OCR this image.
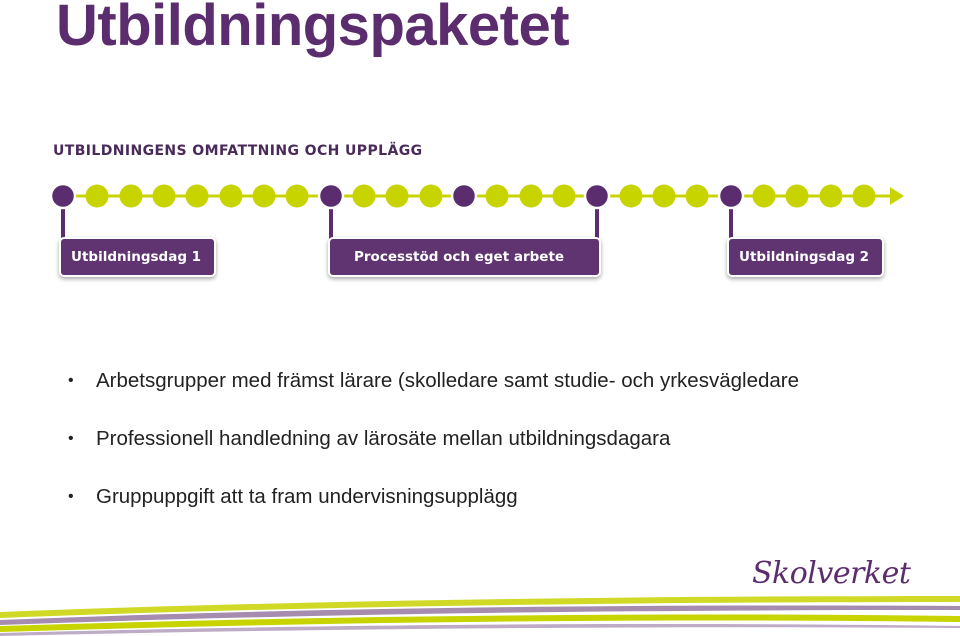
Utbildningspaketet
UTBILDNINGENS OMFATTNING OCH UPPLÄGG
Utbildningsdag 1	Processtöd och eget arbete	Utbildningsdag 2
• Arbetsgrupper med främst lärare (skolledare samt studie- och yrkesvägledare
• Professionell handledning av lärosäte mellan utbildningsdagara
• Gruppuppgift att ta fram undervisningsupplägg
Skolverket
